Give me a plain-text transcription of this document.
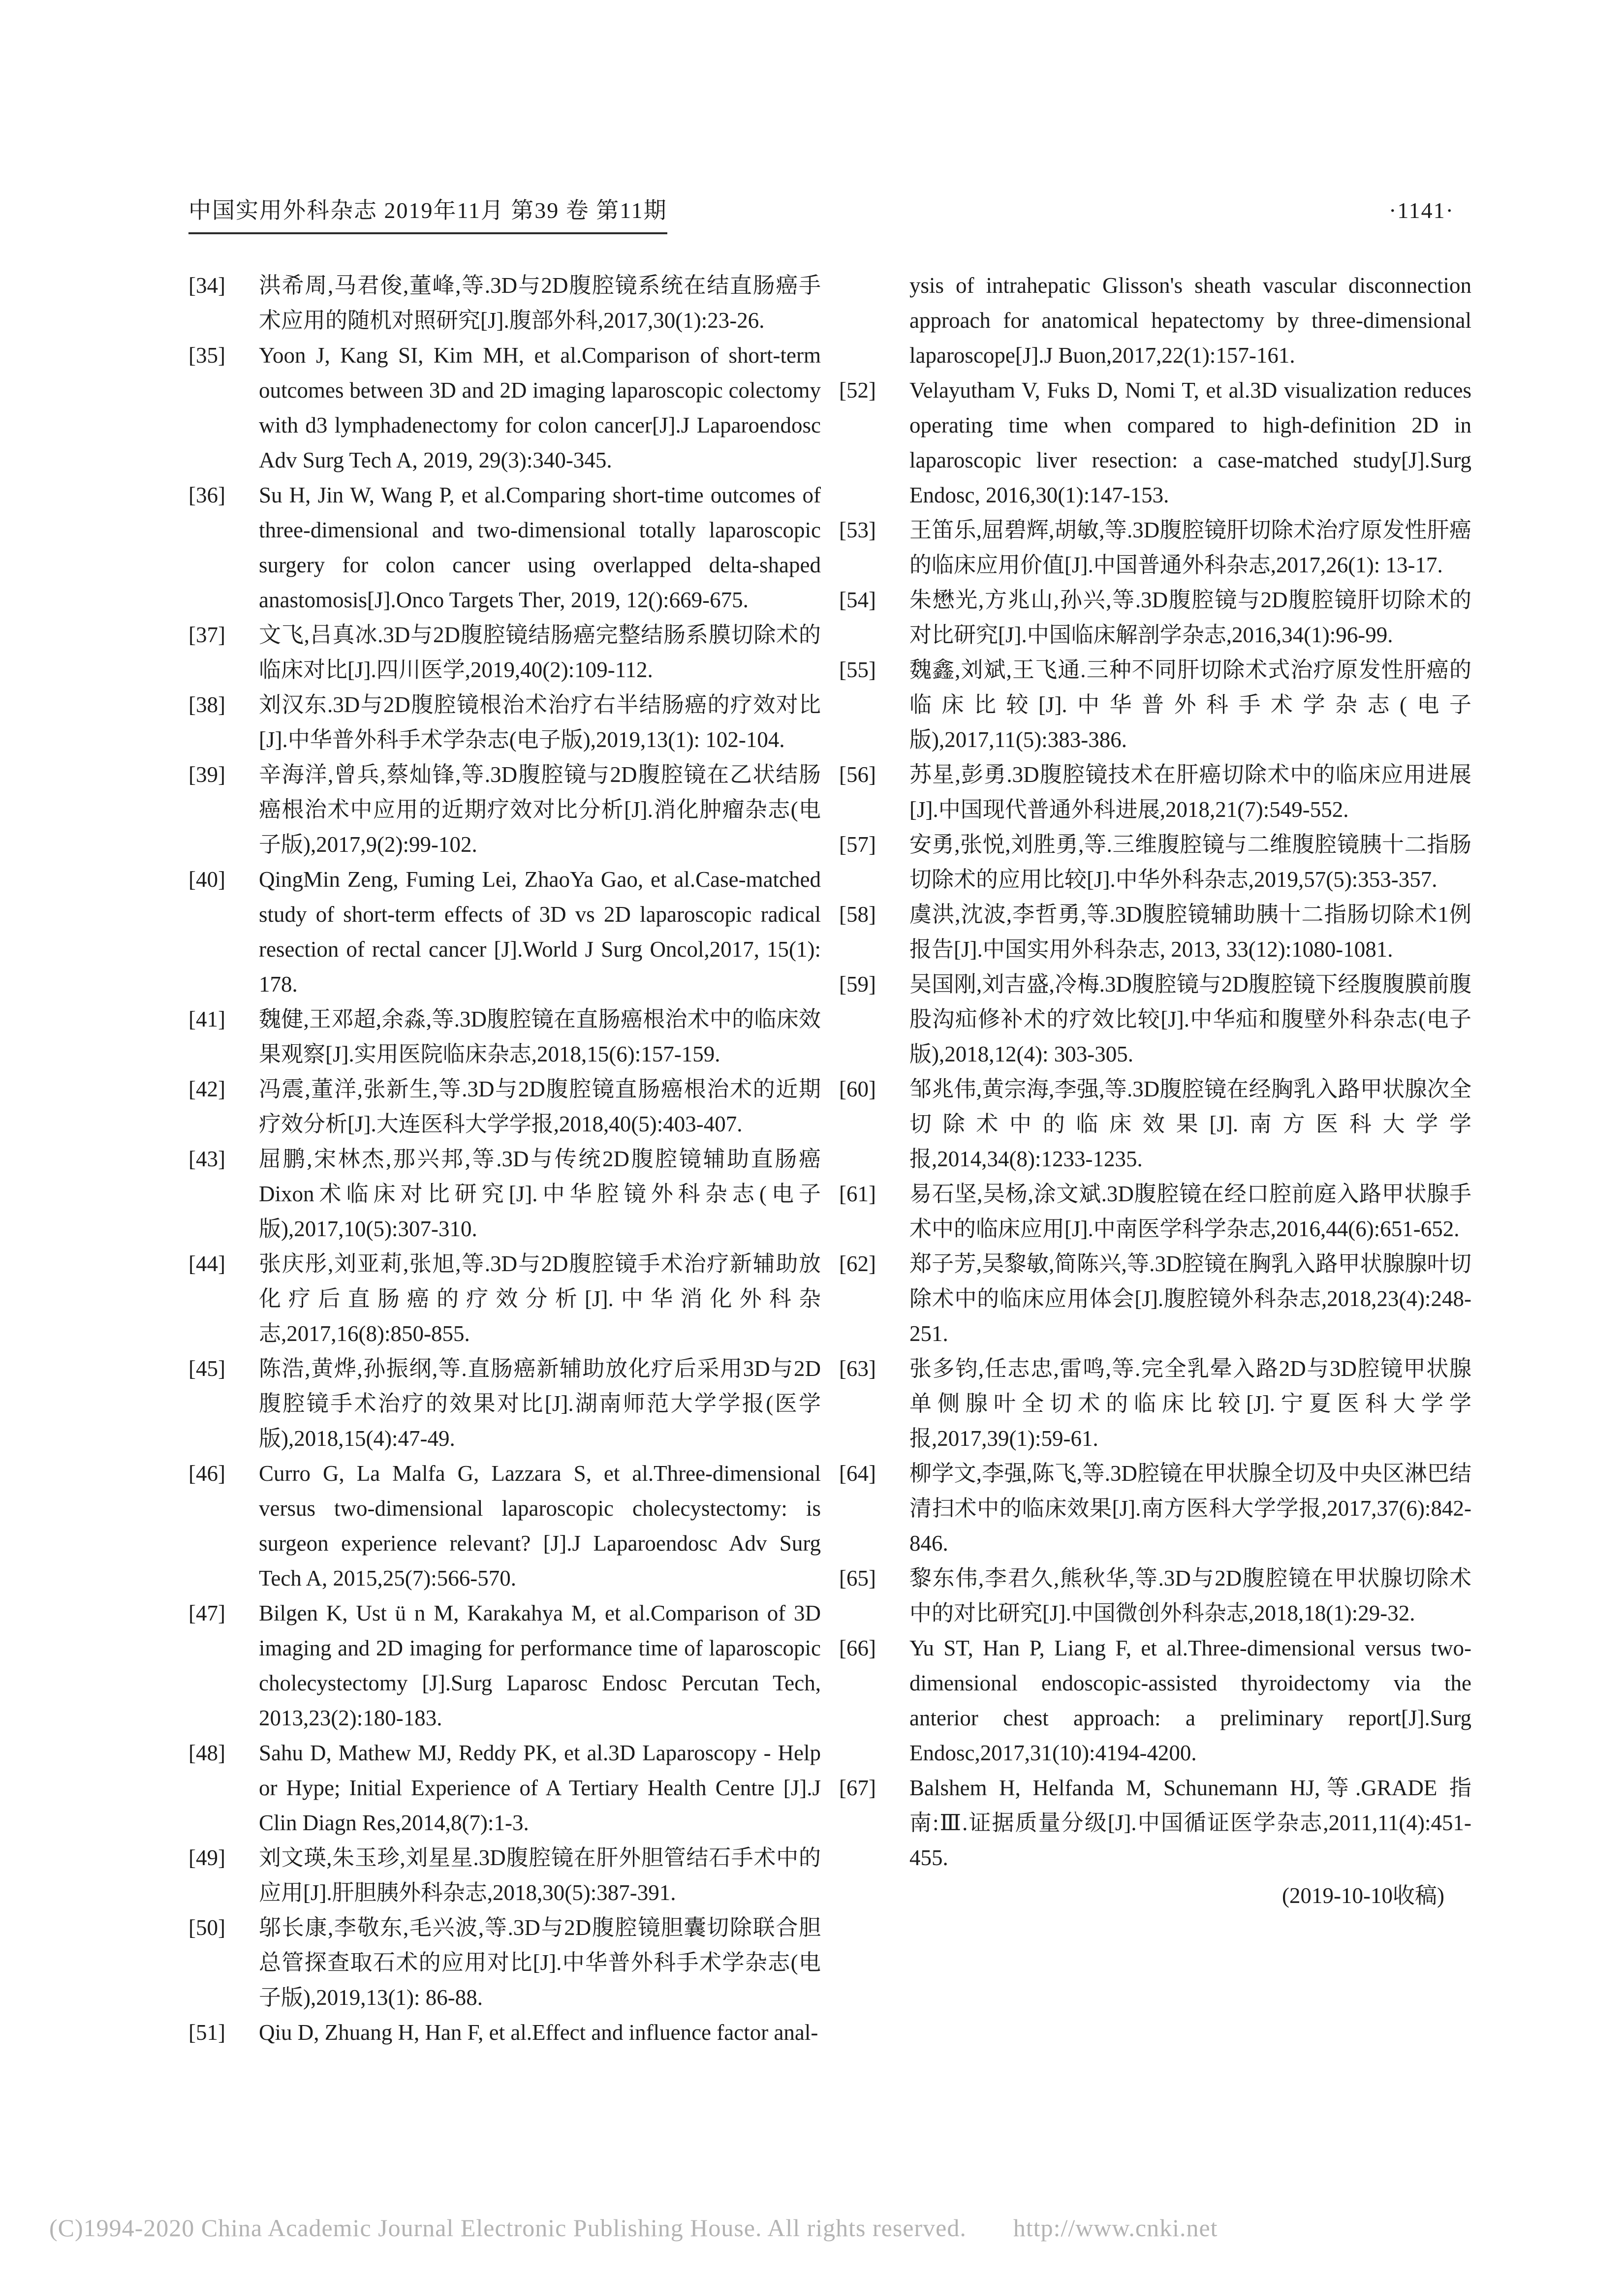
中国实用外科杂志 2019年11月 第39 卷 第11期	·1141·
[34]	洪希周,马君俊,董峰,等.3D与2D腹腔镜系统在结直肠癌手术应用的随机对照研究[J].腹部外科,2017,30(1):23-26.
[35]	Yoon J, Kang SI, Kim MH, et al.Comparison of short-term outcomes between 3D and 2D imaging laparoscopic colectomy with d3 lymphadenectomy for colon cancer[J].J Laparoendosc Adv Surg Tech A, 2019, 29(3):340-345.
[36]	Su H, Jin W, Wang P, et al.Comparing short-time outcomes of three-dimensional and two-dimensional totally laparoscopic surgery for colon cancer using overlapped delta-shaped anastomosis[J].Onco Targets Ther, 2019, 12():669-675.
[37]	文飞,吕真冰.3D与2D腹腔镜结肠癌完整结肠系膜切除术的临床对比[J].四川医学,2019,40(2):109-112.
[38]	刘汉东.3D与2D腹腔镜根治术治疗右半结肠癌的疗效对比[J].中华普外科手术学杂志(电子版),2019,13(1): 102-104.
[39]	辛海洋,曾兵,蔡灿锋,等.3D腹腔镜与2D腹腔镜在乙状结肠癌根治术中应用的近期疗效对比分析[J].消化肿瘤杂志(电子版),2017,9(2):99-102.
[40]	QingMin Zeng, Fuming Lei, ZhaoYa Gao, et al.Case-matched study of short-term effects of 3D vs 2D laparoscopic radical resection of rectal cancer [J].World J Surg Oncol,2017, 15(1): 178.
[41]	魏健,王邓超,余淼,等.3D腹腔镜在直肠癌根治术中的临床效果观察[J].实用医院临床杂志,2018,15(6):157-159.
[42]	冯震,董洋,张新生,等.3D与2D腹腔镜直肠癌根治术的近期疗效分析[J].大连医科大学学报,2018,40(5):403-407.
[43]	屈鹏,宋林杰,那兴邦,等.3D与传统2D腹腔镜辅助直肠癌Dixon术临床对比研究[J].中华腔镜外科杂志(电子版),2017,10(5):307-310.
[44]	张庆彤,刘亚莉,张旭,等.3D与2D腹腔镜手术治疗新辅助放化疗后直肠癌的疗效分析[J].中华消化外科杂志,2017,16(8):850-855.
[45]	陈浩,黄烨,孙振纲,等.直肠癌新辅助放化疗后采用3D与2D腹腔镜手术治疗的效果对比[J].湖南师范大学学报(医学版),2018,15(4):47-49.
[46]	Curro G, La Malfa G, Lazzara S, et al.Three-dimensional versus two-dimensional laparoscopic cholecystectomy: is surgeon experience relevant? [J].J Laparoendosc Adv Surg Tech A, 2015,25(7):566-570.
[47]	Bilgen K, Ust ü n M, Karakahya M, et al.Comparison of 3D imaging and 2D imaging for performance time of laparoscopic cholecystectomy [J].Surg Laparosc Endosc Percutan Tech, 2013,23(2):180-183.
[48]	Sahu D, Mathew MJ, Reddy PK, et al.3D Laparoscopy - Help or Hype; Initial Experience of A Tertiary Health Centre [J].J Clin Diagn Res,2014,8(7):1-3.
[49]	刘文瑛,朱玉珍,刘星星.3D腹腔镜在肝外胆管结石手术中的应用[J].肝胆胰外科杂志,2018,30(5):387-391.
[50]	邬长康,李敬东,毛兴波,等.3D与2D腹腔镜胆囊切除联合胆总管探查取石术的应用对比[J].中华普外科手术学杂志(电子版),2019,13(1): 86-88.
[51]	Qiu D, Zhuang H, Han F, et al.Effect and influence factor anal-
ysis of intrahepatic Glisson's sheath vascular disconnection approach for anatomical hepatectomy by three-dimensional laparoscope[J].J Buon,2017,22(1):157-161.
[52]	Velayutham V, Fuks D, Nomi T, et al.3D visualization reduces operating time when compared to high-definition 2D in laparoscopic liver resection: a case-matched study[J].Surg Endosc, 2016,30(1):147-153.
[53]	王笛乐,屈碧辉,胡敏,等.3D腹腔镜肝切除术治疗原发性肝癌的临床应用价值[J].中国普通外科杂志,2017,26(1): 13-17.
[54]	朱懋光,方兆山,孙兴,等.3D腹腔镜与2D腹腔镜肝切除术的对比研究[J].中国临床解剖学杂志,2016,34(1):96-99.
[55]	魏鑫,刘斌,王飞通.三种不同肝切除术式治疗原发性肝癌的临床比较[J].中华普外科手术学杂志(电子版),2017,11(5):383-386.
[56]	苏星,彭勇.3D腹腔镜技术在肝癌切除术中的临床应用进展[J].中国现代普通外科进展,2018,21(7):549-552.
[57]	安勇,张悦,刘胜勇,等.三维腹腔镜与二维腹腔镜胰十二指肠切除术的应用比较[J].中华外科杂志,2019,57(5):353-357.
[58]	虞洪,沈波,李哲勇,等.3D腹腔镜辅助胰十二指肠切除术1例报告[J].中国实用外科杂志, 2013, 33(12):1080-1081.
[59]	吴国刚,刘吉盛,冷梅.3D腹腔镜与2D腹腔镜下经腹腹膜前腹股沟疝修补术的疗效比较[J].中华疝和腹壁外科杂志(电子版),2018,12(4): 303-305.
[60]	邹兆伟,黄宗海,李强,等.3D腹腔镜在经胸乳入路甲状腺次全切除术中的临床效果[J].南方医科大学学报,2014,34(8):1233-1235.
[61]	易石坚,吴杨,涂文斌.3D腹腔镜在经口腔前庭入路甲状腺手术中的临床应用[J].中南医学科学杂志,2016,44(6):651-652.
[62]	郑子芳,吴黎敏,简陈兴,等.3D腔镜在胸乳入路甲状腺腺叶切除术中的临床应用体会[J].腹腔镜外科杂志,2018,23(4):248-251.
[63]	张多钧,任志忠,雷鸣,等.完全乳晕入路2D与3D腔镜甲状腺单侧腺叶全切术的临床比较[J].宁夏医科大学学报,2017,39(1):59-61.
[64]	柳学文,李强,陈飞,等.3D腔镜在甲状腺全切及中央区淋巴结清扫术中的临床效果[J].南方医科大学学报,2017,37(6):842-846.
[65]	黎东伟,李君久,熊秋华,等.3D与2D腹腔镜在甲状腺切除术中的对比研究[J].中国微创外科杂志,2018,18(1):29-32.
[66]	Yu ST, Han P, Liang F, et al.Three-dimensional versus two-dimensional endoscopic-assisted thyroidectomy via the anterior chest approach: a preliminary report[J].Surg Endosc,2017,31(10):4194-4200.
[67]	Balshem H, Helfanda M, Schunemann HJ,等.GRADE 指南:Ⅲ.证据质量分级[J].中国循证医学杂志,2011,11(4):451-455.
(2019-10-10收稿)
(C)1994-2020 China Academic Journal Electronic Publishing House. All rights reserved. http://www.cnki.net
